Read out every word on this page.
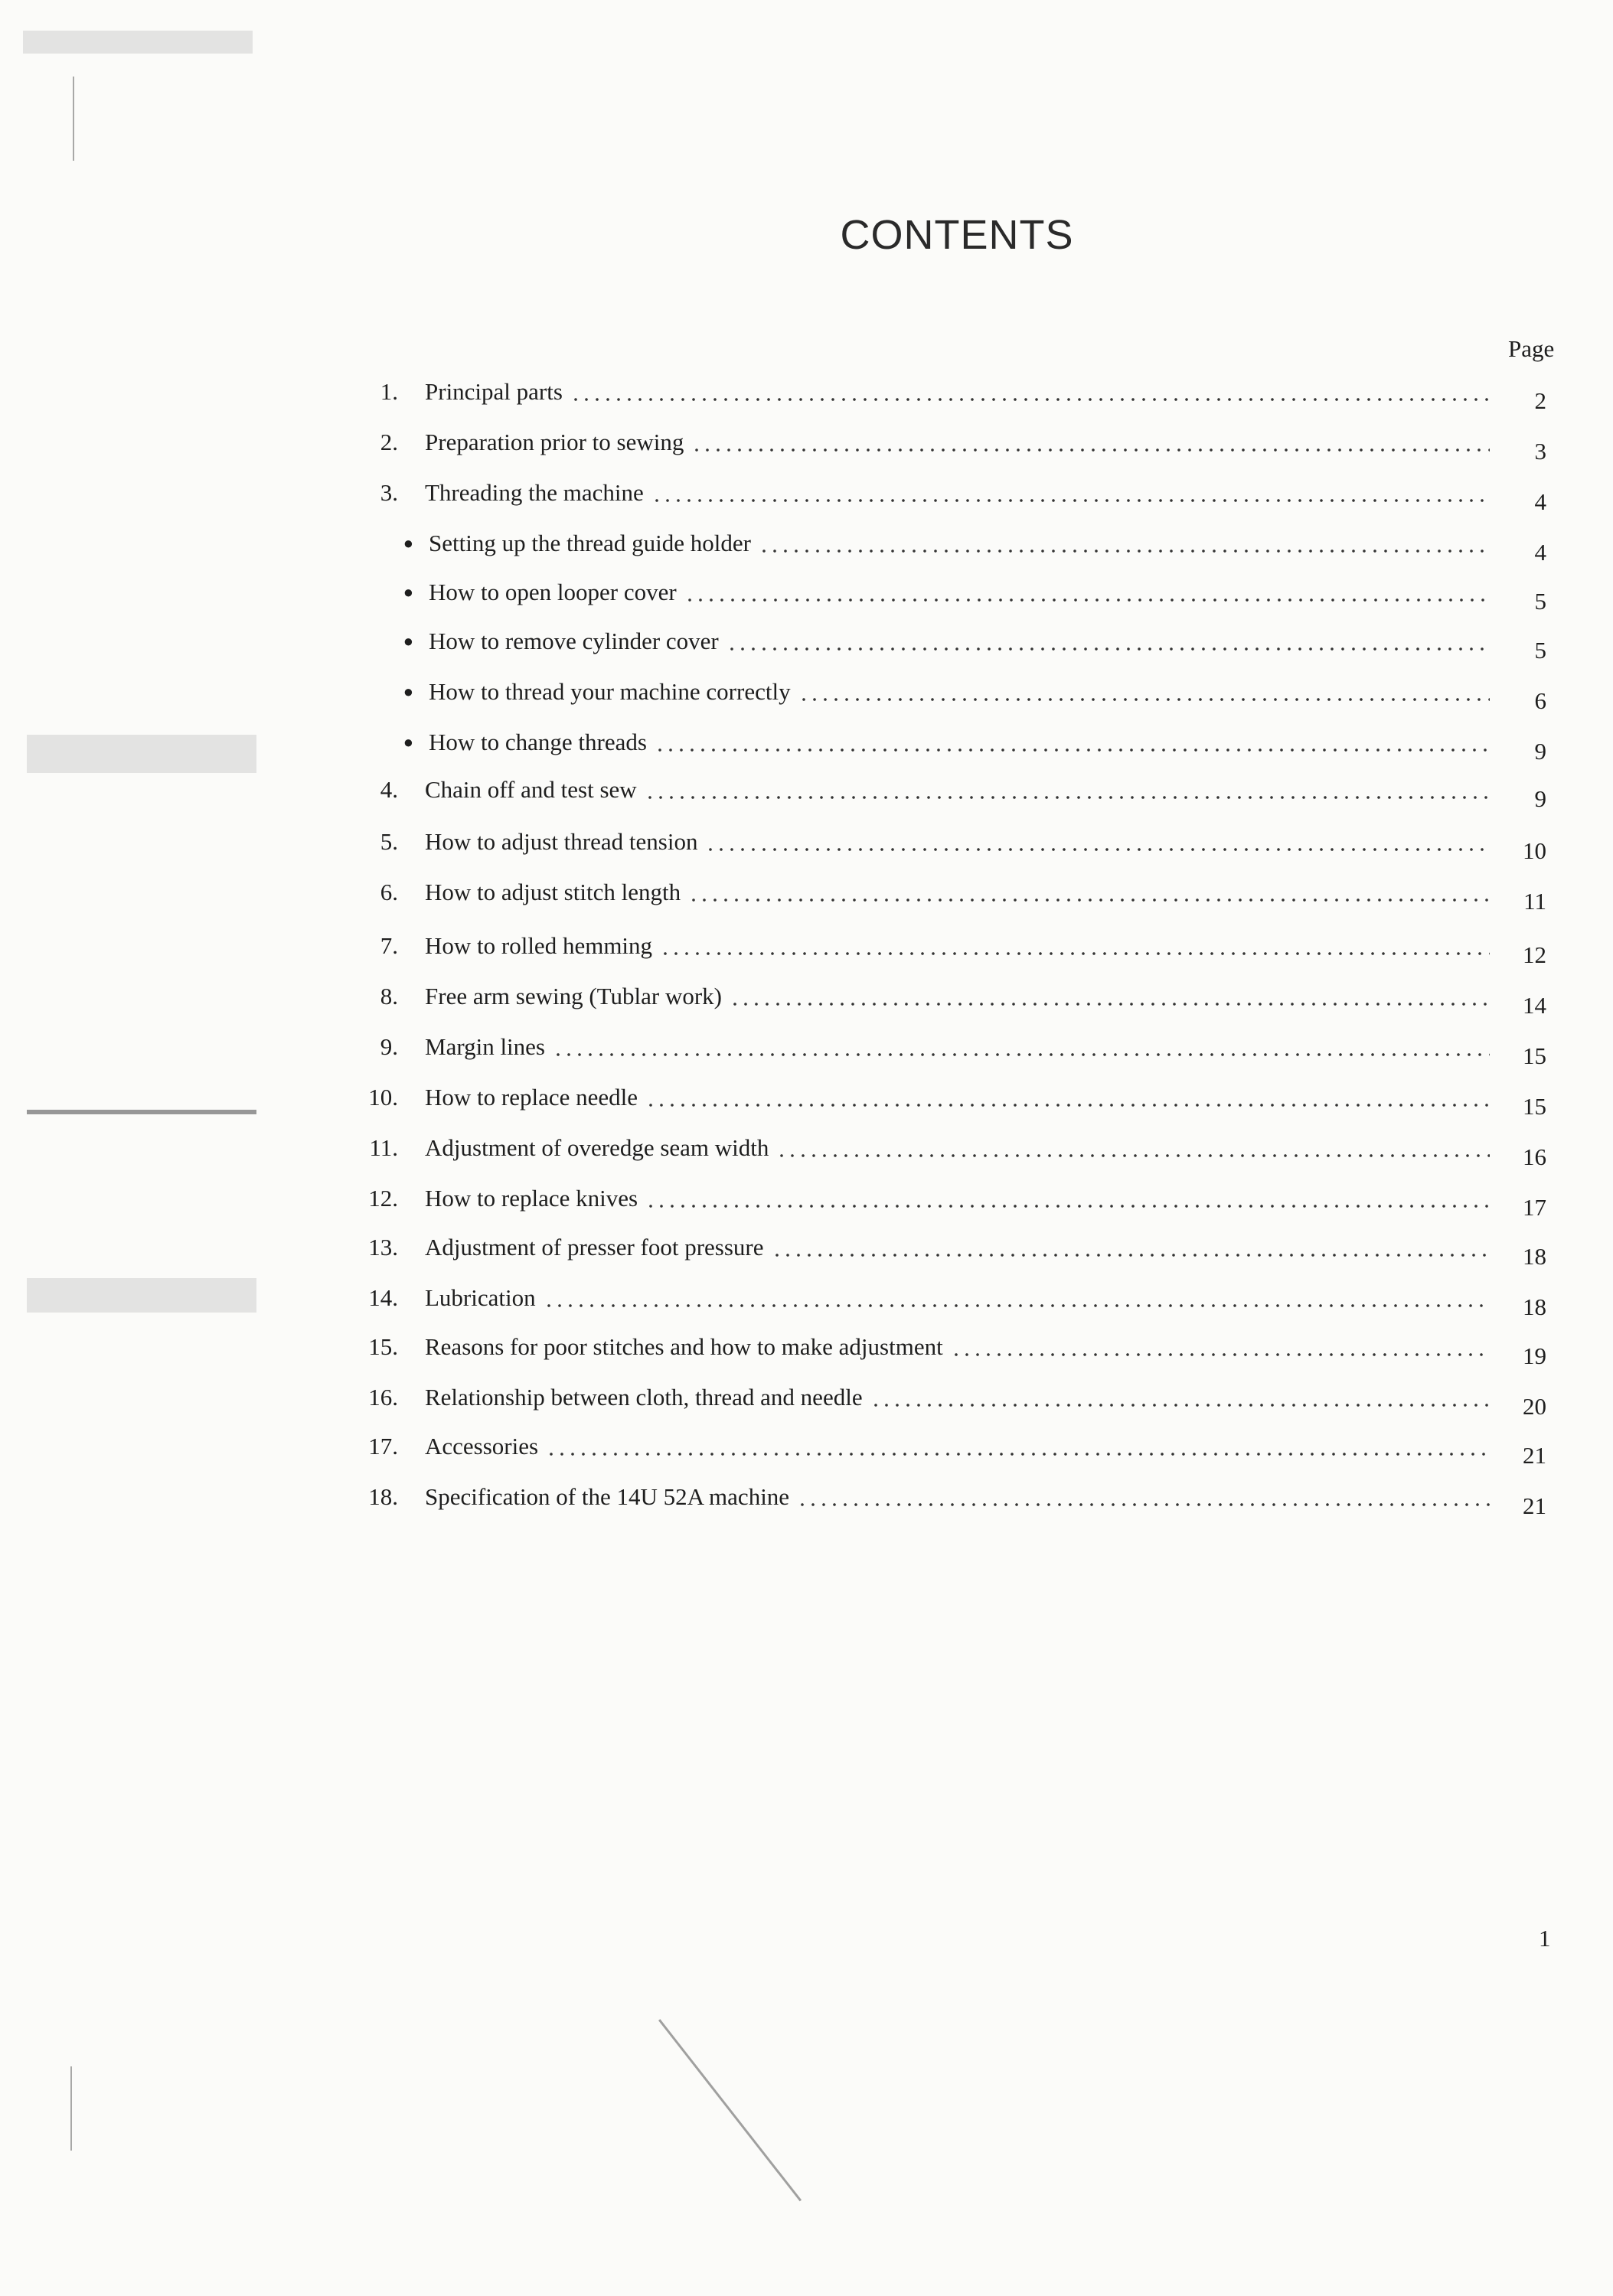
CONTENTS
Page
1. Principal parts	2
2. Preparation prior to sewing	3
3. Threading the machine	4
● Setting up the thread guide holder	4
● How to open looper cover	5
● How to remove cylinder cover	5
● How to thread your machine correctly	6
● How to change threads	9
4. Chain off and test sew	9
5. How to adjust thread tension	10
6. How to adjust stitch length	11
7. How to rolled hemming	12
8. Free arm sewing (Tublar work)	14
9. Margin lines	15
10. How to replace needle	15
11. Adjustment of overedge seam width	16
12. How to replace knives	17
13. Adjustment of presser foot pressure	18
14. Lubrication	18
15. Reasons for poor stitches and how to make adjustment	19
16. Relationship between cloth, thread and needle	20
17. Accessories	21
18. Specification of the 14U 52A machine	21
1
